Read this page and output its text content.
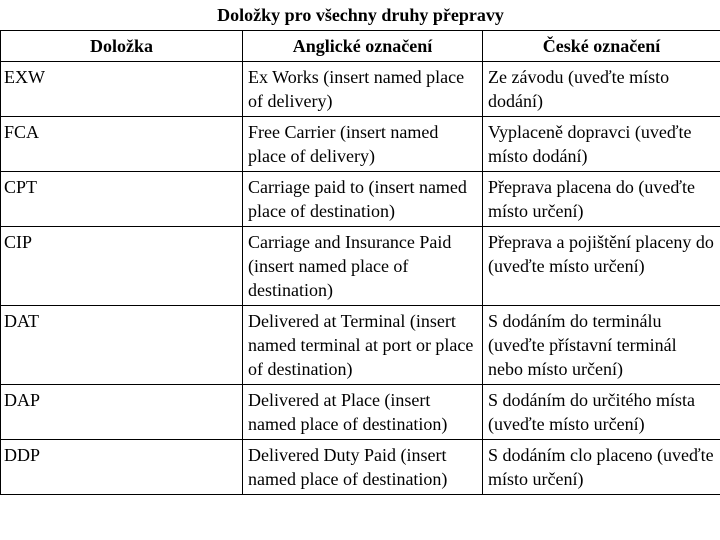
Doložky pro všechny druhy přepravy		
Doložka	Anglické označení	České označení
EXW	Ex Works (insert named place of delivery)	Ze závodu (uveďte místo dodání)
FCA	Free Carrier (insert named place of delivery)	Vyplaceně dopravci (uveďte místo dodání)
CPT	Carriage paid to (insert named place of destination)	Přeprava placena do (uveďte místo určení)
CIP	Carriage and Insurance Paid (insert named place of destination)	Přeprava a pojištění placeny do (uveďte místo určení)
DAT	Delivered at Terminal (insert named terminal at port or place of destination)	S dodáním do terminálu (uveďte přístavní terminál nebo místo určení)
DAP	Delivered at Place (insert named place of destination)	S dodáním do určitého místa (uveďte místo určení)
DDP	Delivered Duty Paid (insert named place of destination)	S dodáním clo placeno (uveďte místo určení)
